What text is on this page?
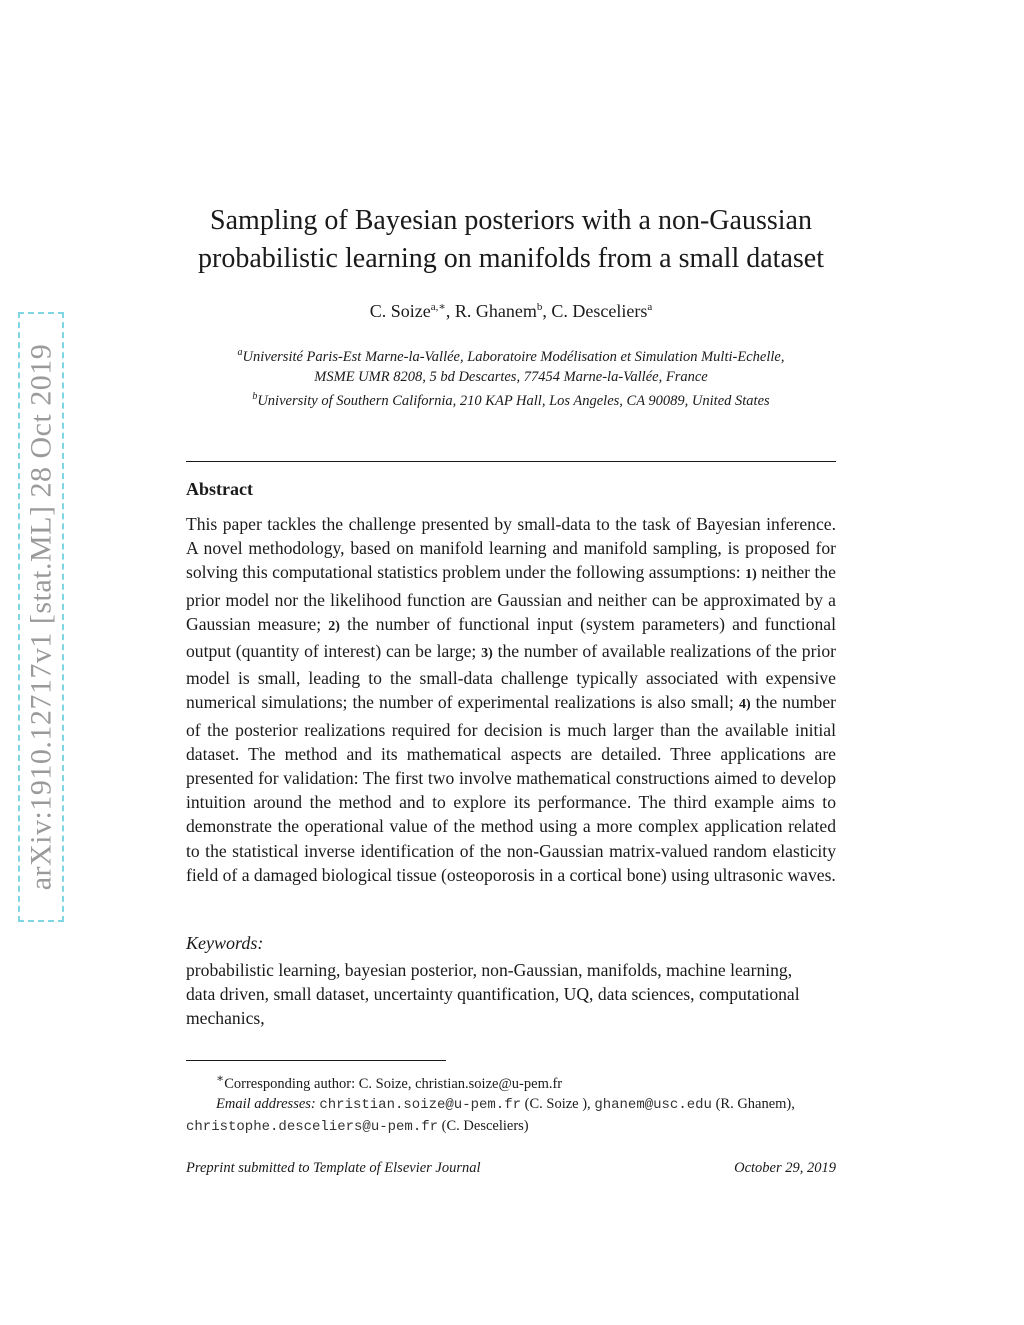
arXiv:1910.12717v1 [stat.ML] 28 Oct 2019
Sampling of Bayesian posteriors with a non-Gaussian
probabilistic learning on manifolds from a small dataset
C. Soize$^{a,∗}$, R. Ghanem$^b$, C. Desceliers$^a$
$^a$Université Paris-Est Marne-la-Vallée, Laboratoire Modélisation et Simulation Multi-Echelle,
MSME UMR 8208, 5 bd Descartes, 77454 Marne-la-Vallée, France
$^b$University of Southern California, 210 KAP Hall, Los Angeles, CA 90089, United States
Abstract
This paper tackles the challenge presented by small-data to the task of Bayesian inference. A novel methodology, based on manifold learning and manifold sampling, is proposed for solving this computational statistics problem under the following assumptions: 1) neither the prior model nor the likelihood function are Gaussian and neither can be approximated by a Gaussian measure; 2) the number of functional input (system parameters) and functional output (quantity of interest) can be large; 3) the number of available realizations of the prior model is small, leading to the small-data challenge typically associated with expensive numerical simulations; the number of experimental realizations is also small; 4) the number of the posterior realizations required for decision is much larger than the available initial dataset. The method and its mathematical aspects are detailed. Three applications are presented for validation: The first two involve mathematical constructions aimed to develop intuition around the method and to explore its performance. The third example aims to demonstrate the operational value of the method using a more complex application related to the statistical inverse identification of the non-Gaussian matrix-valued random elasticity field of a damaged biological tissue (osteoporosis in a cortical bone) using ultrasonic waves.
Keywords:
probabilistic learning, bayesian posterior, non-Gaussian, manifolds, machine learning, data driven, small dataset, uncertainty quantification, UQ, data sciences, computational mechanics,
∗Corresponding author: C. Soize, christian.soize@u-pem.fr
Email addresses: christian.soize@u-pem.fr (C. Soize ), ghanem@usc.edu (R. Ghanem), christophe.desceliers@u-pem.fr (C. Desceliers)
Preprint submitted to Template of Elsevier Journal	October 29, 2019
